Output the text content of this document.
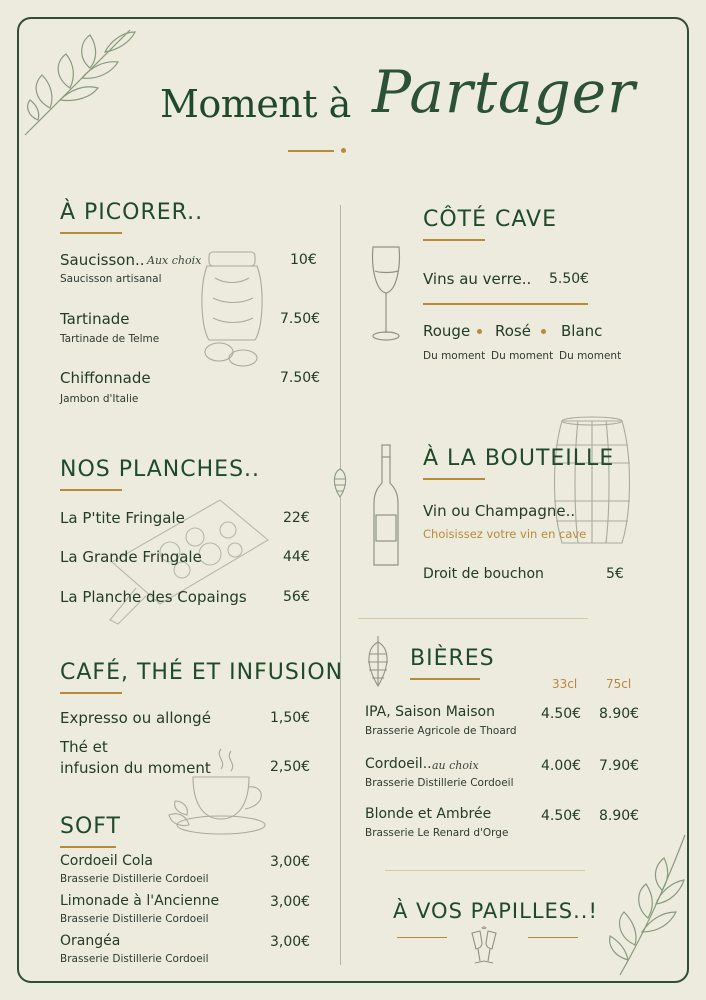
Moment à Partager
À PICORER..
Saucisson.. Aux choix
Saucisson artisanal
10€
Tartinade
Tartinade de Telme
7.50€
Chiffonnade
Jambon d'Italie
7.50€
NOS PLANCHES..
La P'tite Fringale	22€
La Grande Fringale	44€
La Planche des Copaings	56€
CAFÉ, THÉ ET INFUSION
Expresso ou allongé	1,50€
Thé et
infusion du moment	2,50€
SOFT
Cordoeil Cola
Brasserie Distillerie Cordoeil
3,00€
Limonade à l'Ancienne
Brasserie Distillerie Cordoeil
3,00€
Orangéa
Brasserie Distillerie Cordoeil
3,00€
CÔTÉ CAVE
Vins au verre.. 5.50€
Rouge Rosé Blanc
Du moment Du moment Du moment
À LA BOUTEILLE
Vin ou Champagne..
Choisissez votre vin en cave
Droit de bouchon	5€
BIÈRES
33cl 75cl
IPA, Saison Maison
Brasserie Agricole de Thoard
4.50€ 8.90€
Cordoeil.. au choix
Brasserie Distillerie Cordoeil
4.00€ 7.90€
Blonde et Ambrée
Brasserie Le Renard d'Orge
4.50€ 8.90€
À VOS PAPILLES..!
